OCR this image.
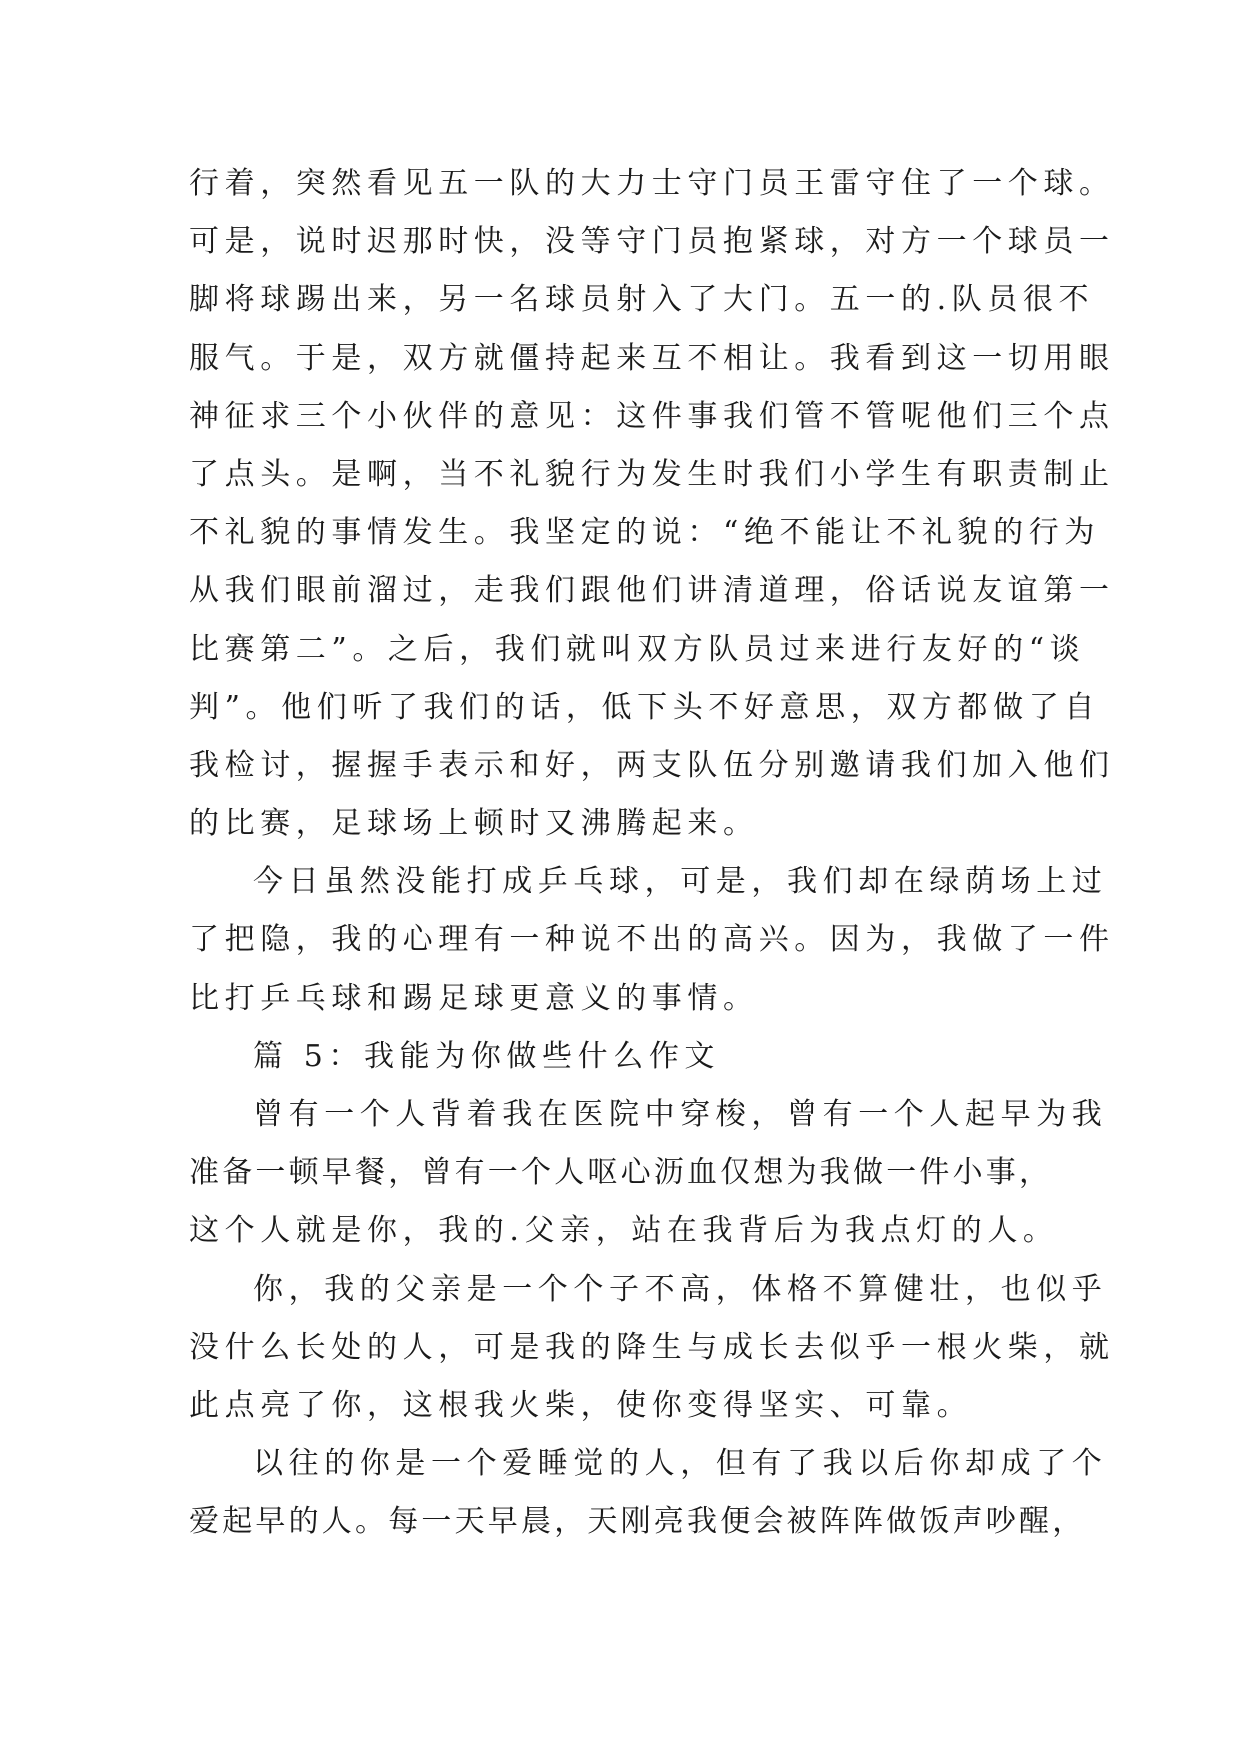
行着，突然看见五一队的大力士守门员王雷守住了一个球。
可是，说时迟那时快，没等守门员抱紧球，对方一个球员一
脚将球踢出来，另一名球员射入了大门。五一的.队员很不
服气。于是，双方就僵持起来互不相让。我看到这一切用眼
神征求三个小伙伴的意见：这件事我们管不管呢他们三个点
了点头。是啊，当不礼貌行为发生时我们小学生有职责制止
不礼貌的事情发生。我坚定的说：“绝不能让不礼貌的行为
从我们眼前溜过，走我们跟他们讲清道理，俗话说友谊第一
比赛第二”。之后，我们就叫双方队员过来进行友好的“谈
判”。他们听了我们的话，低下头不好意思，双方都做了自
我检讨，握握手表示和好，两支队伍分别邀请我们加入他们
的比赛，足球场上顿时又沸腾起来。
今日虽然没能打成乒乓球，可是，我们却在绿荫场上过
了把隐，我的心理有一种说不出的高兴。因为，我做了一件
比打乒乓球和踢足球更意义的事情。
篇 5：我能为你做些什么作文
曾有一个人背着我在医院中穿梭，曾有一个人起早为我
准备一顿早餐，曾有一个人呕心沥血仅想为我做一件小事，
这个人就是你，我的.父亲，站在我背后为我点灯的人。
你，我的父亲是一个个子不高，体格不算健壮，也似乎
没什么长处的人，可是我的降生与成长去似乎一根火柴，就
此点亮了你，这根我火柴，使你变得坚实、可靠。
以往的你是一个爱睡觉的人，但有了我以后你却成了个
爱起早的人。每一天早晨，天刚亮我便会被阵阵做饭声吵醒，
